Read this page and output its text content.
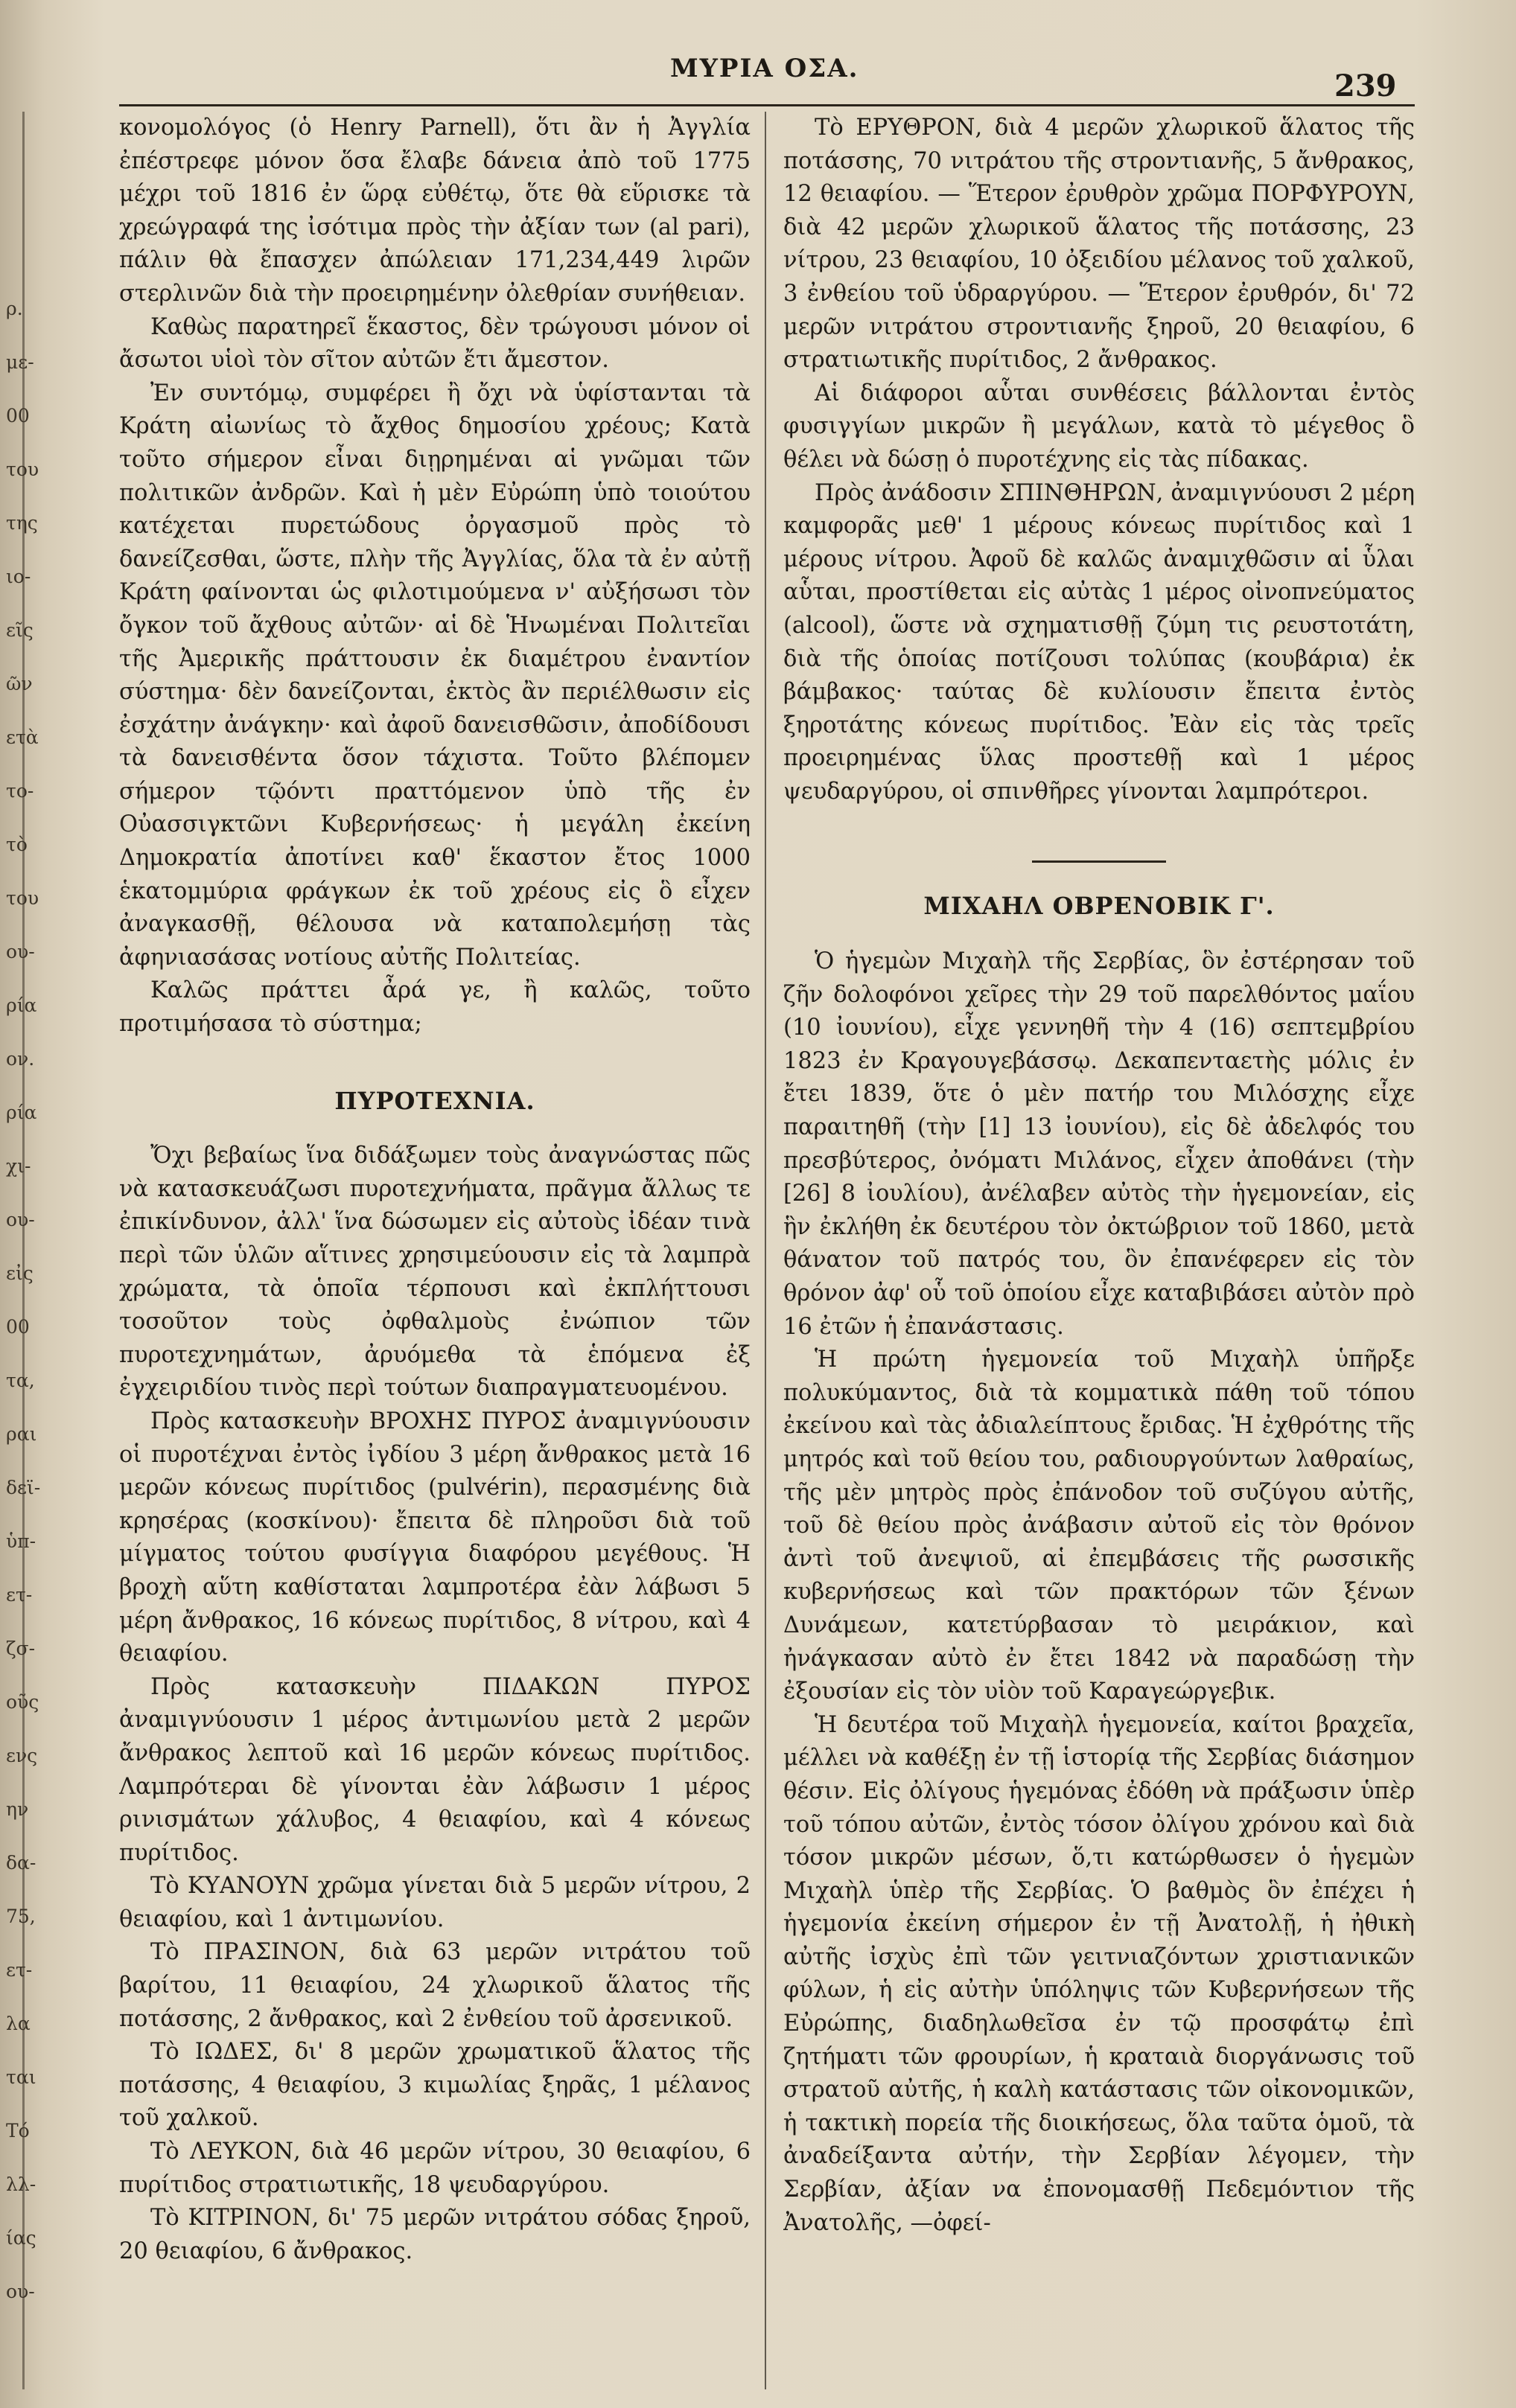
ρ.
με-
00
του
της
ιο-
εῖς
ῶν
ετὰ
το-
τὸ
του
ου-
ρία
ον.
ρία
χι-
ου-
εἰς
00
τα,
ραι
δεϊ-
ὑπ-
ετ-
ζσ-
οῦς
ενς
ην
δα-
75,
ετ-
λα
ται
Τό
λλ-
ίας
ου-
ΜΥΡΙΑ ΟΣΑ.	239

κονομολόγος (ὁ Henry Parnell), ὅτι ἂν ἡ Ἀγγλία ἐπέστρεφε μόνον ὅσα ἔλαβε δάνεια ἀπὸ τοῦ 1775 μέχρι τοῦ 1816 ἐν ὥρᾳ εὐθέτῳ, ὅτε θὰ εὕρισκε τὰ χρεώγραφά της ἰσότιμα πρὸς τὴν ἀξίαν των (al pari), πάλιν θὰ ἔπασχεν ἀπώλειαν 171,234,449 λιρῶν στερλινῶν διὰ τὴν προειρημένην ὀλεθρίαν συνήθειαν.

Καθὼς παρατηρεῖ ἕκαστος, δὲν τρώγουσι μόνον οἱ ἄσωτοι υἱοὶ τὸν σῖτον αὐτῶν ἔτι ἄμεστον.

Ἐν συντόμῳ, συμφέρει ἢ ὄχι νὰ ὑφίστανται τὰ Κράτη αἰωνίως τὸ ἄχθος δημοσίου χρέους; Κατὰ τοῦτο σήμερον εἶναι διῃρημέναι αἱ γνῶμαι τῶν πολιτικῶν ἀνδρῶν. Καὶ ἡ μὲν Εὐρώπη ὑπὸ τοιούτου κατέχεται πυρετώδους ὀργασμοῦ πρὸς τὸ δανείζεσθαι, ὥστε, πλὴν τῆς Ἀγγλίας, ὅλα τὰ ἐν αὐτῇ Κράτη φαίνονται ὡς φιλοτιμούμενα ν' αὐξήσωσι τὸν ὄγκον τοῦ ἄχθους αὐτῶν· αἱ δὲ Ἡνωμέναι Πολιτεῖαι τῆς Ἀμερικῆς πράττουσιν ἐκ διαμέτρου ἐναντίον σύστημα· δὲν δανείζονται, ἐκτὸς ἂν περιέλθωσιν εἰς ἐσχάτην ἀνάγκην· καὶ ἀφοῦ δανεισθῶσιν, ἀποδίδουσι τὰ δανεισθέντα ὅσον τάχιστα. Τοῦτο βλέπομεν σήμερον τῷόντι πραττόμενον ὑπὸ τῆς ἐν Οὐασσιγκτῶνι Κυβερνήσεως· ἡ μεγάλη ἐκείνη Δημοκρατία ἀποτίνει καθ' ἕκαστον ἔτος 1000 ἑκατομμύρια φράγκων ἐκ τοῦ χρέους εἰς ὃ εἶχεν ἀναγκασθῇ, θέλουσα νὰ καταπολεμήσῃ τὰς ἀφηνιασάσας νοτίους αὐτῆς Πολιτείας.

Καλῶς πράττει ἆρά γε, ἢ καλῶς, τοῦτο προτιμήσασα τὸ σύστημα;

ΠΥΡΟΤΕΧΝΙΑ.

Ὄχι βεβαίως ἵνα διδάξωμεν τοὺς ἀναγνώστας πῶς νὰ κατασκευάζωσι πυροτεχνήματα, πρᾶγμα ἄλλως τε ἐπικίνδυνον, ἀλλ' ἵνα δώσωμεν εἰς αὐτοὺς ἰδέαν τινὰ περὶ τῶν ὑλῶν αἵτινες χρησιμεύουσιν εἰς τὰ λαμπρὰ χρώματα, τὰ ὁποῖα τέρπουσι καὶ ἐκπλήττουσι τοσοῦτον τοὺς ὀφθαλμοὺς ἐνώπιον τῶν πυροτεχνημάτων, ἀρυόμεθα τὰ ἑπόμενα ἐξ ἐγχειριδίου τινὸς περὶ τούτων διαπραγματευομένου.

Πρὸς κατασκευὴν ΒΡΟΧΗΣ ΠΥΡΟΣ ἀναμιγνύουσιν οἱ πυροτέχναι ἐντὸς ἰγδίου 3 μέρη ἄνθρακος μετὰ 16 μερῶν κόνεως πυρίτιδος (pulvérin), περασμένης διὰ κρησέρας (κοσκίνου)· ἔπειτα δὲ πληροῦσι διὰ τοῦ μίγματος τούτου φυσίγγια διαφόρου μεγέθους. Ἡ βροχὴ αὕτη καθίσταται λαμπροτέρα ἐὰν λάβωσι 5 μέρη ἄνθρακος, 16 κόνεως πυρίτιδος, 8 νίτρου, καὶ 4 θειαφίου.

Πρὸς κατασκευὴν ΠΙΔΑΚΩΝ ΠΥΡΟΣ ἀναμιγνύουσιν 1 μέρος ἀντιμωνίου μετὰ 2 μερῶν ἄνθρακος λεπτοῦ καὶ 16 μερῶν κόνεως πυρίτιδος. Λαμπρότεραι δὲ γίνονται ἐὰν λάβωσιν 1 μέρος ρινισμάτων χάλυβος, 4 θειαφίου, καὶ 4 κόνεως πυρίτιδος.

Τὸ ΚΥΑΝΟΥΝ χρῶμα γίνεται διὰ 5 μερῶν νίτρου, 2 θειαφίου, καὶ 1 ἀντιμωνίου.

Τὸ ΠΡΑΣΙΝΟΝ, διὰ 63 μερῶν νιτράτου τοῦ βαρίτου, 11 θειαφίου, 24 χλωρικοῦ ἅλατος τῆς ποτάσσης, 2 ἄνθρακος, καὶ 2 ἐνθείου τοῦ ἀρσενικοῦ.

Τὸ ΙΩΔΕΣ, δι' 8 μερῶν χρωματικοῦ ἅλατος τῆς ποτάσσης, 4 θειαφίου, 3 κιμωλίας ξηρᾶς, 1 μέλανος τοῦ χαλκοῦ.

Τὸ ΛΕΥΚΟΝ, διὰ 46 μερῶν νίτρου, 30 θειαφίου, 6 πυρίτιδος στρατιωτικῆς, 18 ψευδαργύρου.

Τὸ ΚΙΤΡΙΝΟΝ, δι' 75 μερῶν νιτράτου σόδας ξηροῦ, 20 θειαφίου, 6 ἄνθρακος.

Τὸ ΕΡΥΘΡΟΝ, διὰ 4 μερῶν χλωρικοῦ ἅλατος τῆς ποτάσσης, 70 νιτράτου τῆς στροντιανῆς, 5 ἄνθρακος, 12 θειαφίου. — Ἕτερον ἐρυθρὸν χρῶμα ΠΟΡΦΥΡΟΥΝ, διὰ 42 μερῶν χλωρικοῦ ἅλατος τῆς ποτάσσης, 23 νίτρου, 23 θειαφίου, 10 ὀξειδίου μέλανος τοῦ χαλκοῦ, 3 ἐνθείου τοῦ ὑδραργύρου. — Ἕτερον ἐρυθρόν, δι' 72 μερῶν νιτράτου στροντιανῆς ξηροῦ, 20 θειαφίου, 6 στρατιωτικῆς πυρίτιδος, 2 ἄνθρακος.

Αἱ διάφοροι αὗται συνθέσεις βάλλονται ἐντὸς φυσιγγίων μικρῶν ἢ μεγάλων, κατὰ τὸ μέγεθος ὃ θέλει νὰ δώσῃ ὁ πυροτέχνης εἰς τὰς πίδακας.

Πρὸς ἀνάδοσιν ΣΠΙΝΘΗΡΩΝ, ἀναμιγνύουσι 2 μέρη καμφορᾶς μεθ' 1 μέρους κόνεως πυρίτιδος καὶ 1 μέρους νίτρου. Ἀφοῦ δὲ καλῶς ἀναμιχθῶσιν αἱ ὗλαι αὗται, προστίθεται εἰς αὐτὰς 1 μέρος οἰνοπνεύματος (alcool), ὥστε νὰ σχηματισθῇ ζύμη τις ρευστοτάτη, διὰ τῆς ὁποίας ποτίζουσι τολύπας (κουβάρια) ἐκ βάμβακος· ταύτας δὲ κυλίουσιν ἔπειτα ἐντὸς ξηροτάτης κόνεως πυρίτιδος. Ἐὰν εἰς τὰς τρεῖς προειρημένας ὕλας προστεθῇ καὶ 1 μέρος ψευδαργύρου, οἱ σπινθῆρες γίνονται λαμπρότεροι.

ΜΙΧΑΗΛ ΟΒΡΕΝΟΒΙΚ Γ'.

Ὁ ἡγεμὼν Μιχαὴλ τῆς Σερβίας, ὃν ἐστέρησαν τοῦ ζῆν δολοφόνοι χεῖρες τὴν 29 τοῦ παρελθόντος μαΐου (10 ἰουνίου), εἶχε γεννηθῆ τὴν 4 (16) σεπτεμβρίου 1823 ἐν Κραγουγεβάσσῳ. Δεκαπενταετὴς μόλις ἐν ἔτει 1839, ὅτε ὁ μὲν πατήρ του Μιλόσχης εἶχε παραιτηθῆ (τὴν [1] 13 ἰουνίου), εἰς δὲ ἀδελφός του πρεσβύτερος, ὀνόματι Μιλάνος, εἶχεν ἀποθάνει (τὴν [26] 8 ἰουλίου), ἀνέλαβεν αὐτὸς τὴν ἡγεμονείαν, εἰς ἣν ἐκλήθη ἐκ δευτέρου τὸν ὀκτώβριον τοῦ 1860, μετὰ θάνατον τοῦ πατρός του, ὃν ἐπανέφερεν εἰς τὸν θρόνον ἀφ' οὗ τοῦ ὁποίου εἶχε καταβιβάσει αὐτὸν πρὸ 16 ἐτῶν ἡ ἐπανάστασις.

Ἡ πρώτη ἡγεμονεία τοῦ Μιχαὴλ ὑπῆρξε πολυκύμαντος, διὰ τὰ κομματικὰ πάθη τοῦ τόπου ἐκείνου καὶ τὰς ἀδιαλείπτους ἔριδας. Ἡ ἐχθρότης τῆς μητρός καὶ τοῦ θείου του, ραδιουργούντων λαθραίως, τῆς μὲν μητρὸς πρὸς ἐπάνοδον τοῦ συζύγου αὐτῆς, τοῦ δὲ θείου πρὸς ἀνάβασιν αὐτοῦ εἰς τὸν θρόνον ἀντὶ τοῦ ἀνεψιοῦ, αἱ ἐπεμβάσεις τῆς ρωσσικῆς κυβερνήσεως καὶ τῶν πρακτόρων τῶν ξένων Δυνάμεων, κατετύρβασαν τὸ μειράκιον, καὶ ἠνάγκασαν αὐτὸ ἐν ἔτει 1842 νὰ παραδώσῃ τὴν ἐξουσίαν εἰς τὸν υἱὸν τοῦ Καραγεώργεβικ.

Ἡ δευτέρα τοῦ Μιχαὴλ ἡγεμονεία, καίτοι βραχεῖα, μέλλει νὰ καθέξῃ ἐν τῇ ἱστορίᾳ τῆς Σερβίας διάσημον θέσιν. Εἰς ὀλίγους ἡγεμόνας ἐδόθη νὰ πράξωσιν ὑπὲρ τοῦ τόπου αὐτῶν, ἐντὸς τόσον ὀλίγου χρόνου καὶ διὰ τόσον μικρῶν μέσων, ὅ,τι κατώρθωσεν ὁ ἡγεμὼν Μιχαὴλ ὑπὲρ τῆς Σερβίας. Ὁ βαθμὸς ὃν ἐπέχει ἡ ἡγεμονία ἐκείνη σήμερον ἐν τῇ Ἀνατολῇ, ἡ ἠθικὴ αὐτῆς ἰσχὺς ἐπὶ τῶν γειτνιαζόντων χριστιανικῶν φύλων, ἡ εἰς αὐτὴν ὑπόληψις τῶν Κυβερνήσεων τῆς Εὐρώπης, διαδηλωθεῖσα ἐν τῷ προσφάτῳ ἐπὶ ζητήματι τῶν φρουρίων, ἡ κραταιὰ διοργάνωσις τοῦ στρατοῦ αὐτῆς, ἡ καλὴ κατάστασις τῶν οἰκονομικῶν, ἡ τακτικὴ πορεία τῆς διοικήσεως, ὅλα ταῦτα ὁμοῦ, τὰ ἀναδείξαντα αὐτήν, τὴν Σερβίαν λέγομεν, τὴν Σερβίαν, ἀξίαν να ἐπονομασθῇ Πεδεμόντιον τῆς Ἀνατολῆς, —ὀφεί-
